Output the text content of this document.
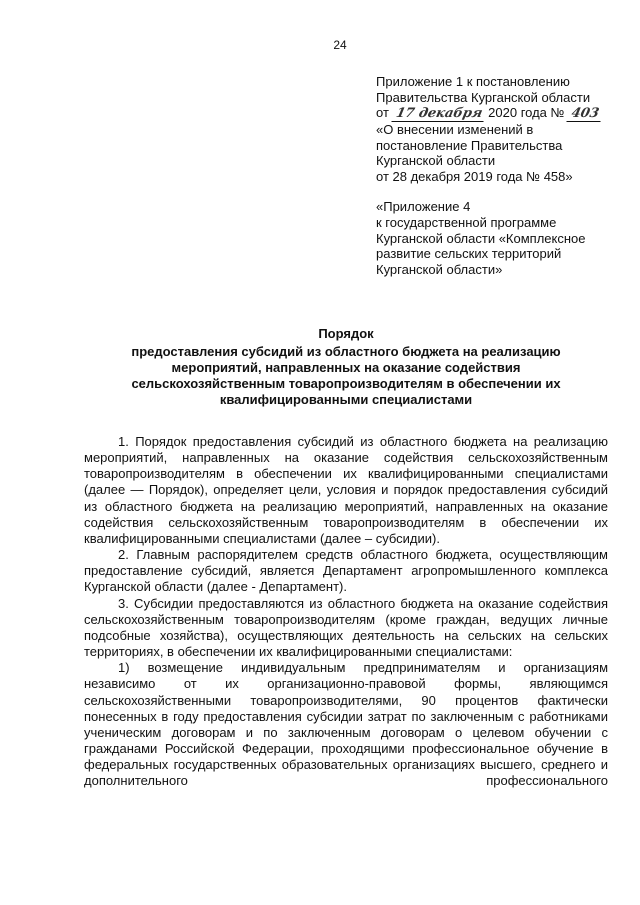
24
Приложение 1 к постановлению
Правительства Курганской области
от 17 декабря 2020 года № 403
«О внесении изменений в
постановление Правительства
Курганской области
от 28 декабря 2019 года № 458»
«Приложение 4
к государственной программе
Курганской области «Комплексное
развитие сельских территорий
Курганской области»
Порядок
предоставления субсидий из областного бюджета на реализацию
мероприятий, направленных на оказание содействия
сельскохозяйственным товаропроизводителям в обеспечении их
квалифицированными специалистами

1. Порядок предоставления субсидий из областного бюджета на реализацию мероприятий, направленных на оказание содействия сельскохозяйственным товаропроизводителям в обеспечении их квалифицированными специалистами (далее — Порядок), определяет цели, условия и порядок предоставления субсидий из областного бюджета на реализацию мероприятий, направленных на оказание содействия сельскохозяйственным товаропроизводителям в обеспечении их квалифицированными специалистами (далее – субсидии).

2. Главным распорядителем средств областного бюджета, осуществляющим предоставление субсидий, является Департамент агропромышленного комплекса Курганской области (далее - Департамент).

3. Субсидии предоставляются из областного бюджета на оказание содействия сельскохозяйственным товаропроизводителям (кроме граждан, ведущих личные подсобные хозяйства), осуществляющих деятельность на сельских на сельских территориях, в обеспечении их квалифицированными специалистами:

1) возмещение индивидуальным предпринимателям и организациям независимо от их организационно-правовой формы, являющимся сельскохозяйственными товаропроизводителями, 90 процентов фактически понесенных в году предоставления субсидии затрат по заключенным с работниками ученическим договорам и по заключенным договорам о целевом обучении с гражданами Российской Федерации, проходящими профессиональное обучение в федеральных государственных образовательных организациях высшего, среднего и дополнительного профессионального
